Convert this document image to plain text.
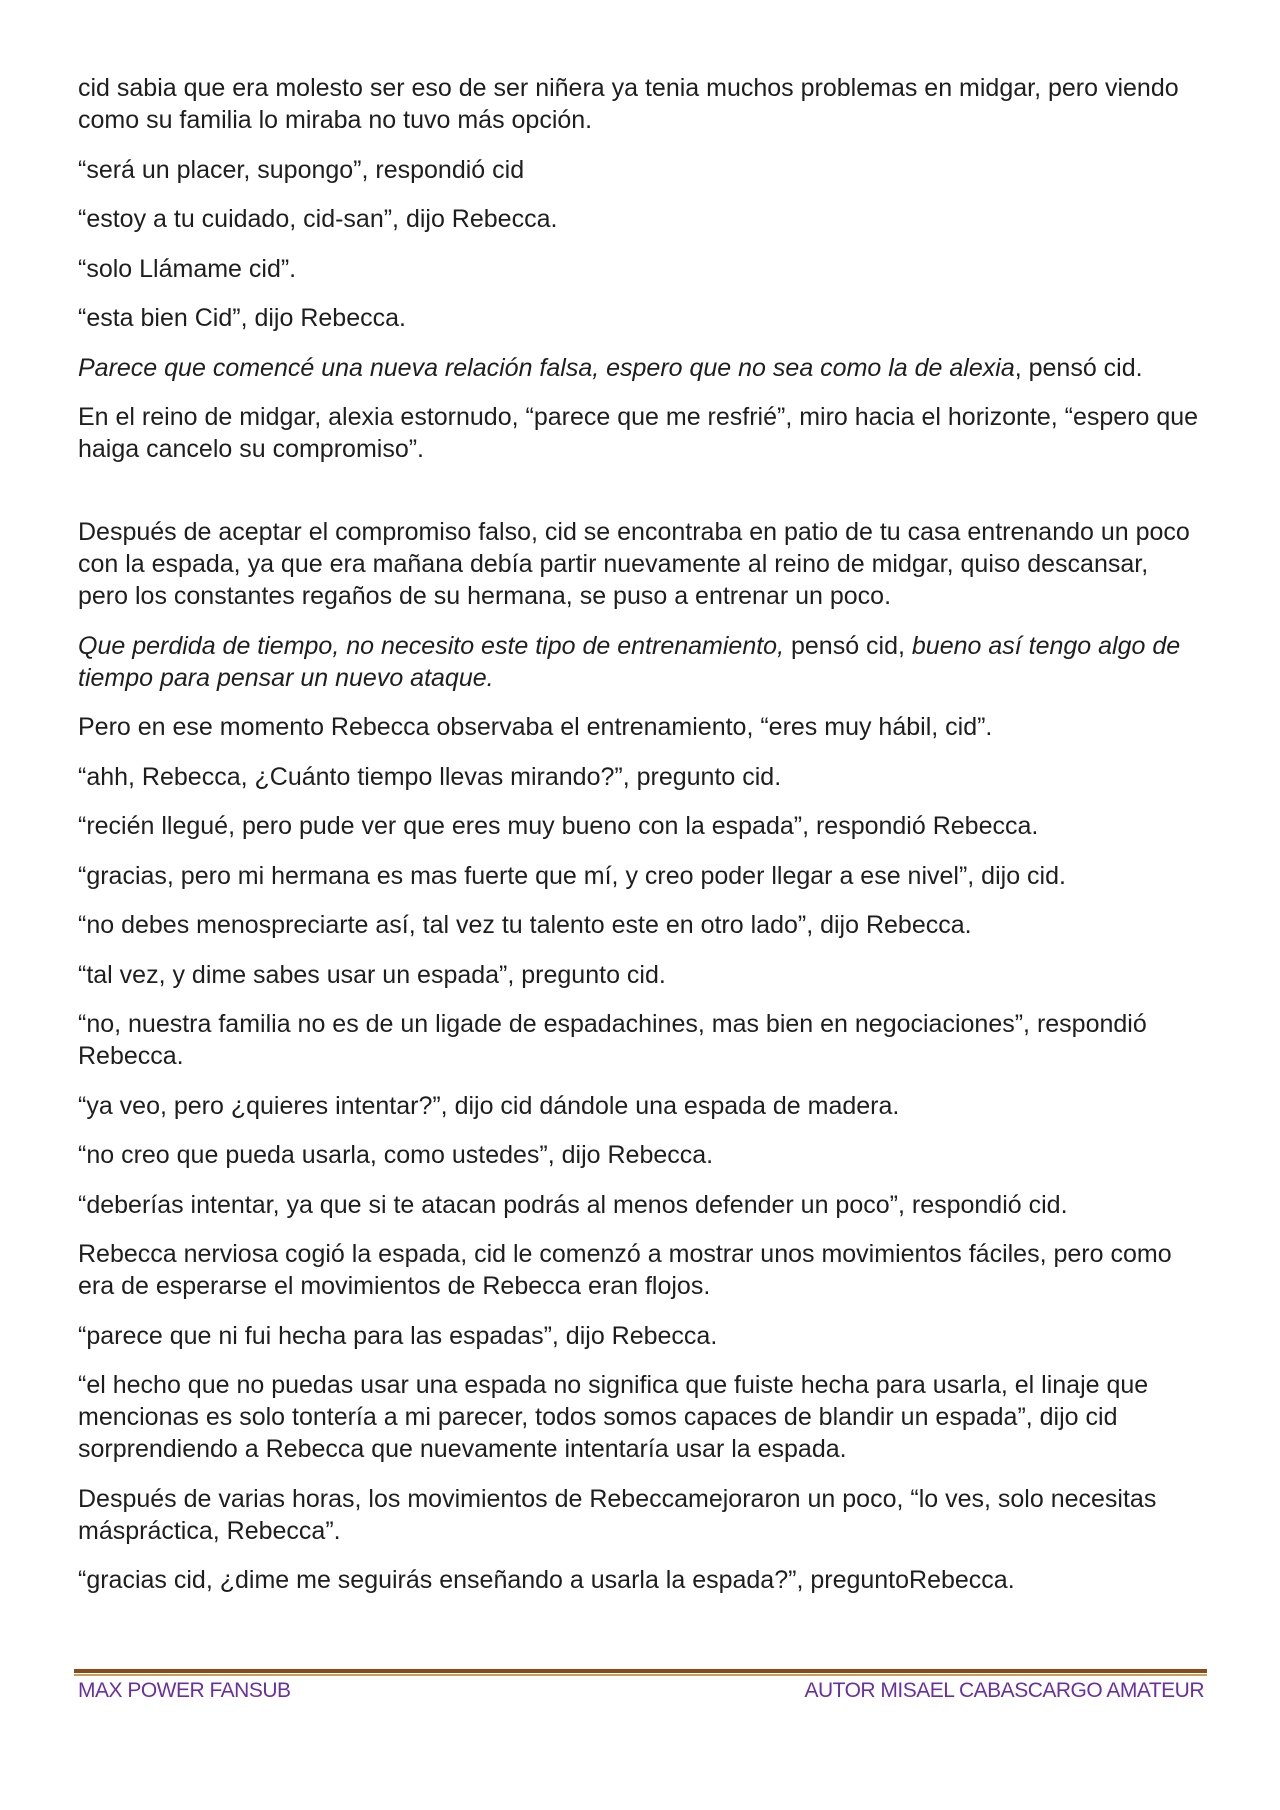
cid sabia que era molesto ser eso de ser niñera ya tenia muchos problemas en midgar, pero viendo como su familia lo miraba no tuvo más opción.

“será un placer, supongo”, respondió cid

“estoy a tu cuidado, cid-san”, dijo Rebecca.

“solo Llámame cid”.

“esta bien Cid”, dijo Rebecca.

Parece que comencé una nueva relación falsa, espero que no sea como la de alexia, pensó cid.

En el reino de midgar, alexia estornudo, “parece que me resfrié”, miro hacia el horizonte, “espero que haiga cancelo su compromiso”.

Después de aceptar el compromiso falso, cid se encontraba en patio de tu casa entrenando un poco con la espada, ya que era mañana debía partir nuevamente al reino de midgar, quiso descansar, pero los constantes regaños de su hermana, se puso a entrenar un poco.

Que perdida de tiempo, no necesito este tipo de entrenamiento, pensó cid, bueno así tengo algo de tiempo para pensar un nuevo ataque.

Pero en ese momento Rebecca observaba el entrenamiento, “eres muy hábil, cid”.

“ahh, Rebecca, ¿Cuánto tiempo llevas mirando?”, pregunto cid.

“recién llegué, pero pude ver que eres muy bueno con la espada”, respondió Rebecca.

“gracias, pero mi hermana es mas fuerte que mí, y creo poder llegar a ese nivel”, dijo cid.

“no debes menospreciarte así, tal vez tu talento este en otro lado”, dijo Rebecca.

“tal vez, y dime sabes usar un espada”, pregunto cid.

“no, nuestra familia no es de un ligade de espadachines, mas bien en negociaciones”, respondió Rebecca.

“ya veo, pero ¿quieres intentar?”, dijo cid dándole una espada de madera.

“no creo que pueda usarla, como ustedes”, dijo Rebecca.

“deberías intentar, ya que si te atacan podrás al menos defender un poco”, respondió cid.

Rebecca nerviosa cogió la espada, cid le comenzó a mostrar unos movimientos fáciles, pero como era de esperarse el movimientos de Rebecca eran flojos.

“parece que ni fui hecha para las espadas”, dijo Rebecca.

“el hecho que no puedas usar una espada no significa que fuiste hecha para usarla, el linaje que mencionas es solo tontería a mi parecer, todos somos capaces de blandir un espada”, dijo cid sorprendiendo a Rebecca que nuevamente intentaría usar la espada.

Después de varias horas, los movimientos de Rebeccamejoraron un poco, “lo ves, solo necesitas máspráctica, Rebecca”.

“gracias cid, ¿dime me seguirás enseñando a usarla la espada?”, preguntoRebecca.

MAX POWER FANSUB	AUTOR MISAEL CABASCARGO AMATEUR
